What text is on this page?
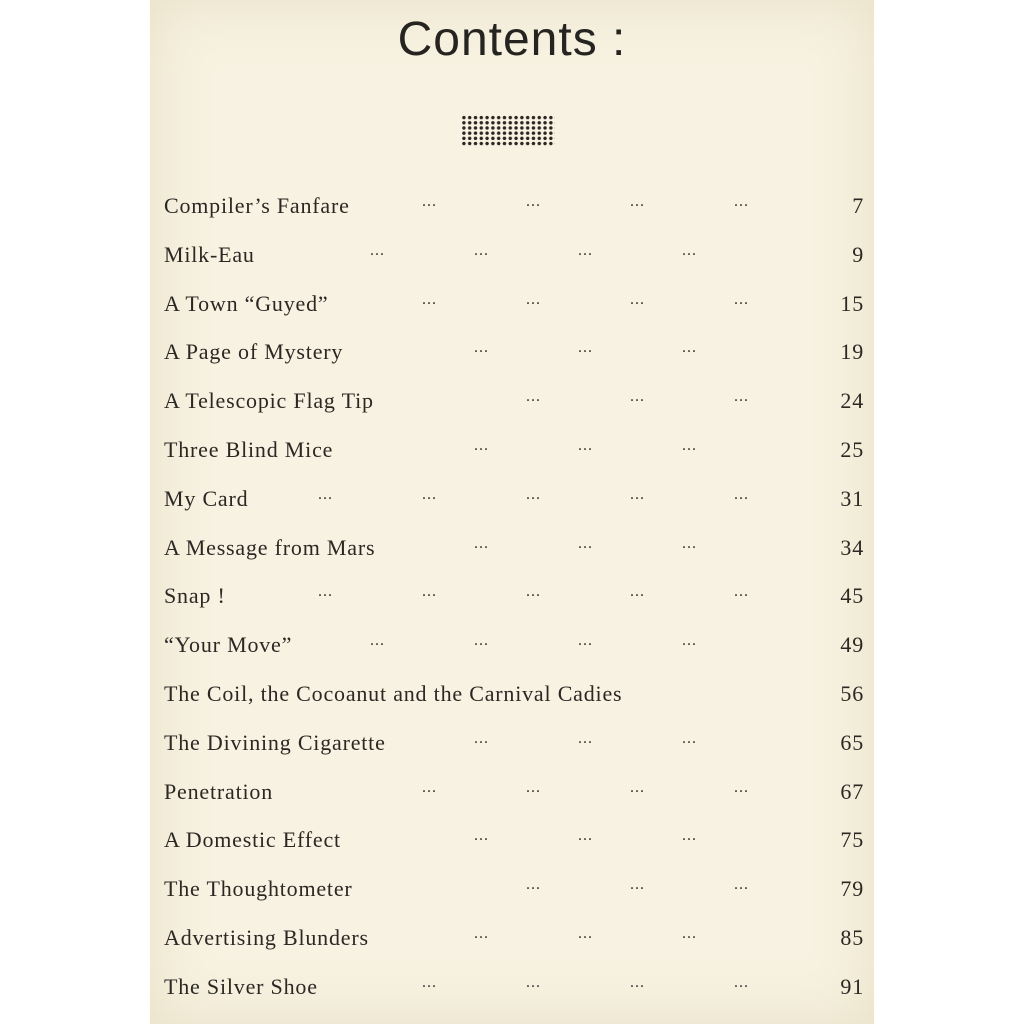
Contents :
Compiler’s Fanfare	...	...	...	...	7
Milk-Eau	...	...	...	...	9
A Town “Guyed”	...	...	...	...	15
A Page of Mystery	...	...	...	19
A Telescopic Flag Tip	...	...	...	24
Three Blind Mice	...	...	...	25
My Card	...	...	...	...	...	31
A Message from Mars	...	...	...	34
Snap !	...	...	...	...	...	45
“Your Move”	...	...	...	...	49
The Coil, the Cocoanut and the Carnival Cadies	56
The Divining Cigarette	...	...	...	65
Penetration	...	...	...	...	67
A Domestic Effect	...	...	...	75
The Thoughtometer	...	...	...	79
Advertising Blunders	...	...	...	85
The Silver Shoe	...	...	...	...	91
